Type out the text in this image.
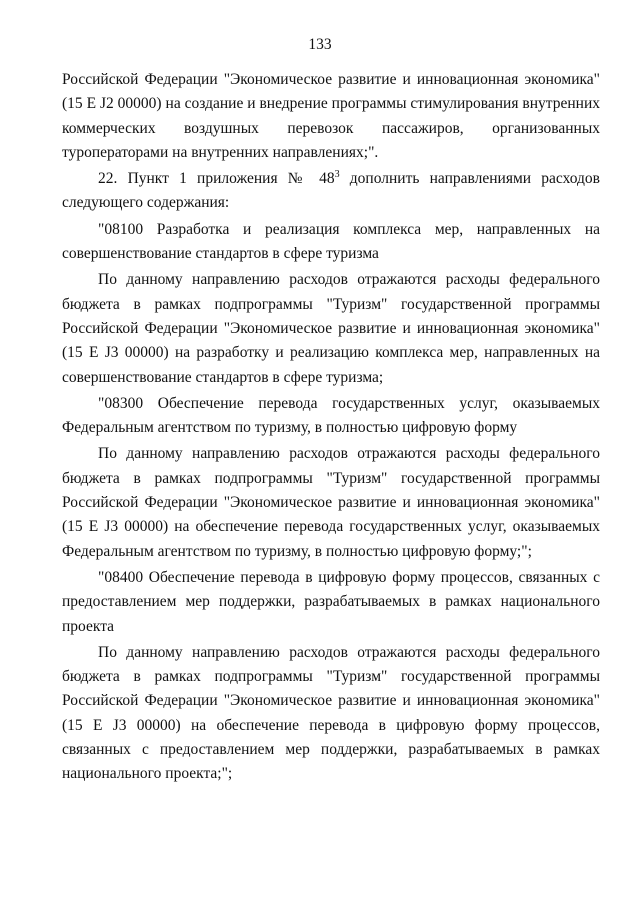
133

Российской Федерации "Экономическое развитие и инновационная экономика" (15 Е J2 00000) на создание и внедрение программы стимулирования внутренних коммерческих воздушных перевозок пассажиров, организованных туроператорами на внутренних направлениях;".

22. Пункт 1 приложения № $48^3$ дополнить направлениями расходов следующего содержания:

"08100 Разработка и реализация комплекса мер, направленных на совершенствование стандартов в сфере туризма

По данному направлению расходов отражаются расходы федерального бюджета в рамках подпрограммы "Туризм" государственной программы Российской Федерации "Экономическое развитие и инновационная экономика" (15 Е J3 00000) на разработку и реализацию комплекса мер, направленных на совершенствование стандартов в сфере туризма;

"08300 Обеспечение перевода государственных услуг, оказываемых Федеральным агентством по туризму, в полностью цифровую форму

По данному направлению расходов отражаются расходы федерального бюджета в рамках подпрограммы "Туризм" государственной программы Российской Федерации "Экономическое развитие и инновационная экономика" (15 Е J3 00000) на обеспечение перевода государственных услуг, оказываемых Федеральным агентством по туризму, в полностью цифровую форму;";

"08400 Обеспечение перевода в цифровую форму процессов, связанных с предоставлением мер поддержки, разрабатываемых в рамках национального проекта

По данному направлению расходов отражаются расходы федерального бюджета в рамках подпрограммы "Туризм" государственной программы Российской Федерации "Экономическое развитие и инновационная экономика" (15 Е J3 00000) на обеспечение перевода в цифровую форму процессов, связанных с предоставлением мер поддержки, разрабатываемых в рамках национального проекта;";
